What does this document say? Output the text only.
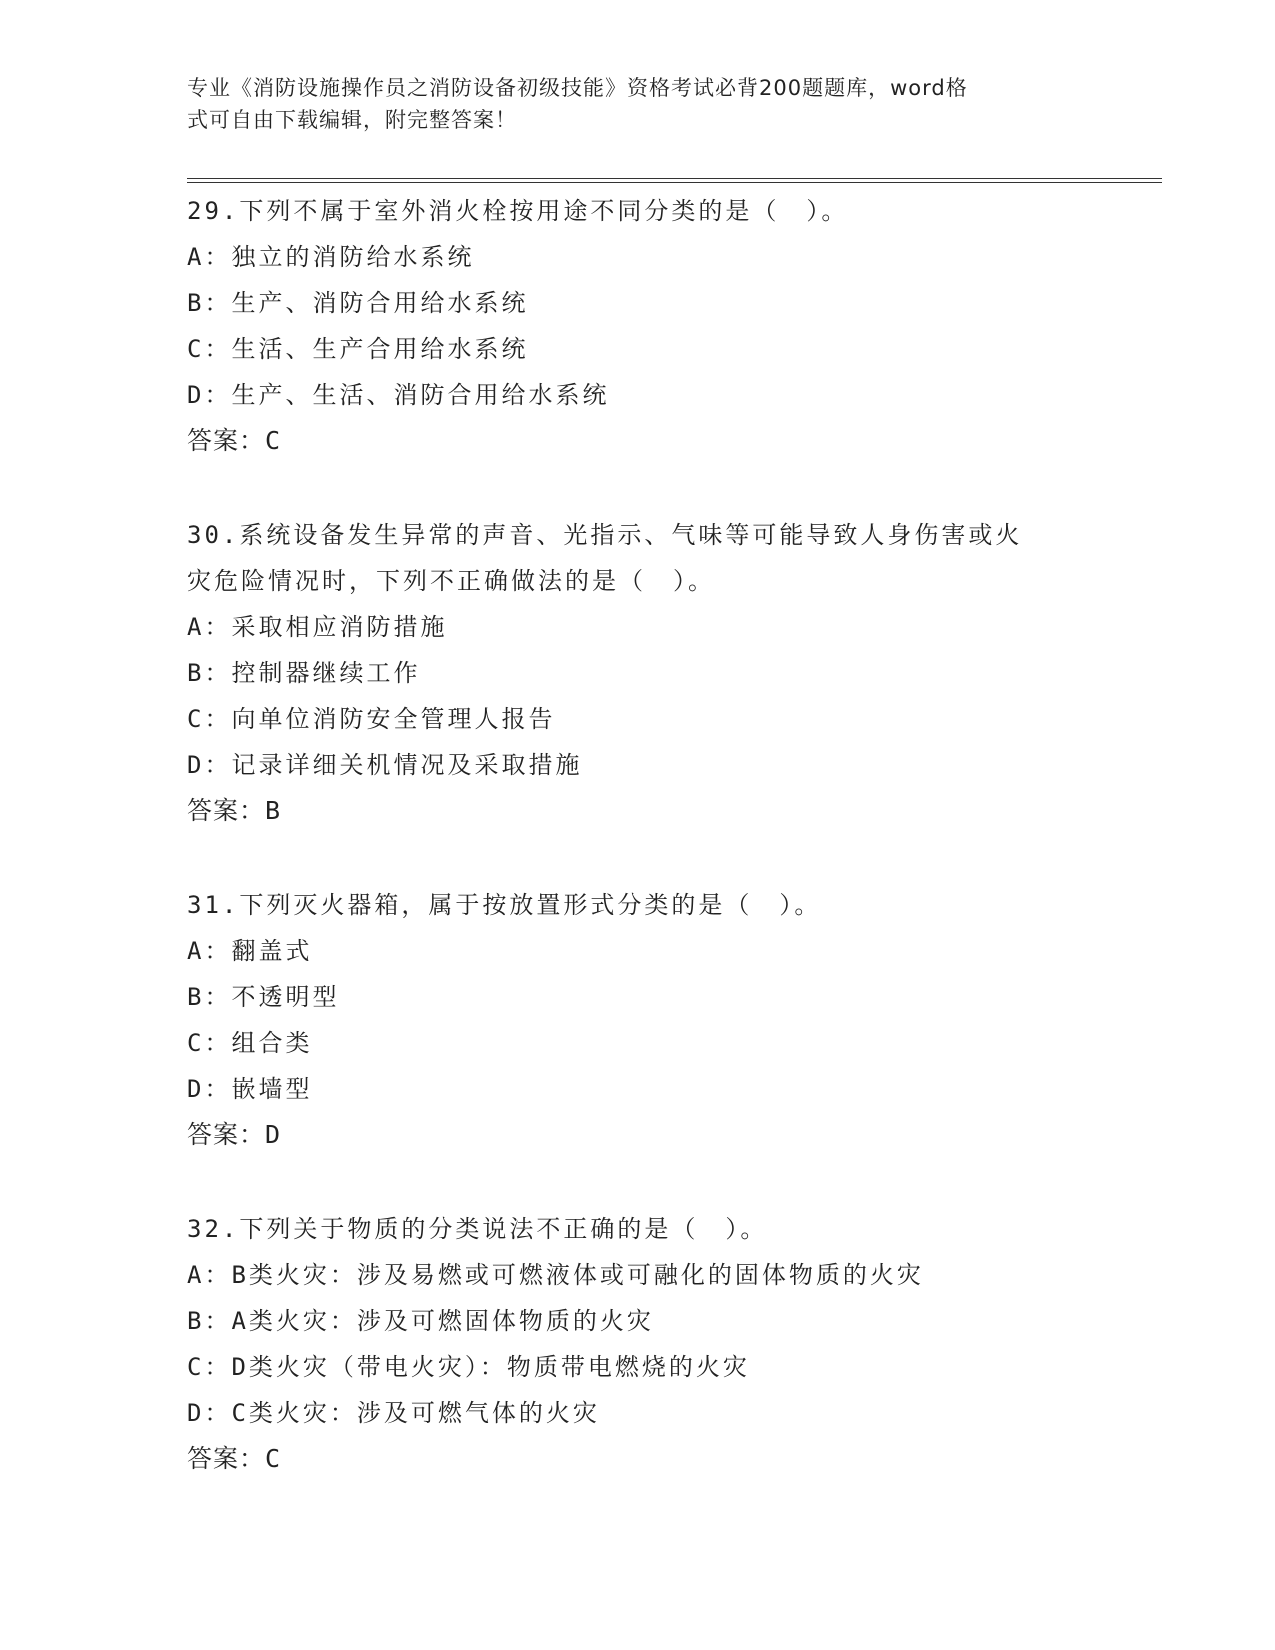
专业《消防设施操作员之消防设备初级技能》资格考试必背200题题库，word格
式可自由下载编辑，附完整答案！
29.下列不属于室外消火栓按用途不同分类的是（　）。
A：独立的消防给水系统
B：生产、消防合用给水系统
C：生活、生产合用给水系统
D：生产、生活、消防合用给水系统
答案：C
30.系统设备发生异常的声音、光指示、气味等可能导致人身伤害或火
灾危险情况时，下列不正确做法的是（　）。
A：采取相应消防措施
B：控制器继续工作
C：向单位消防安全管理人报告
D：记录详细关机情况及采取措施
答案：B
31.下列灭火器箱，属于按放置形式分类的是（　）。
A：翻盖式
B：不透明型
C：组合类
D：嵌墙型
答案：D
32.下列关于物质的分类说法不正确的是（　）。
A：B类火灾：涉及易燃或可燃液体或可融化的固体物质的火灾
B：A类火灾：涉及可燃固体物质的火灾
C：D类火灾（带电火灾）：物质带电燃烧的火灾
D：C类火灾：涉及可燃气体的火灾
答案：C
